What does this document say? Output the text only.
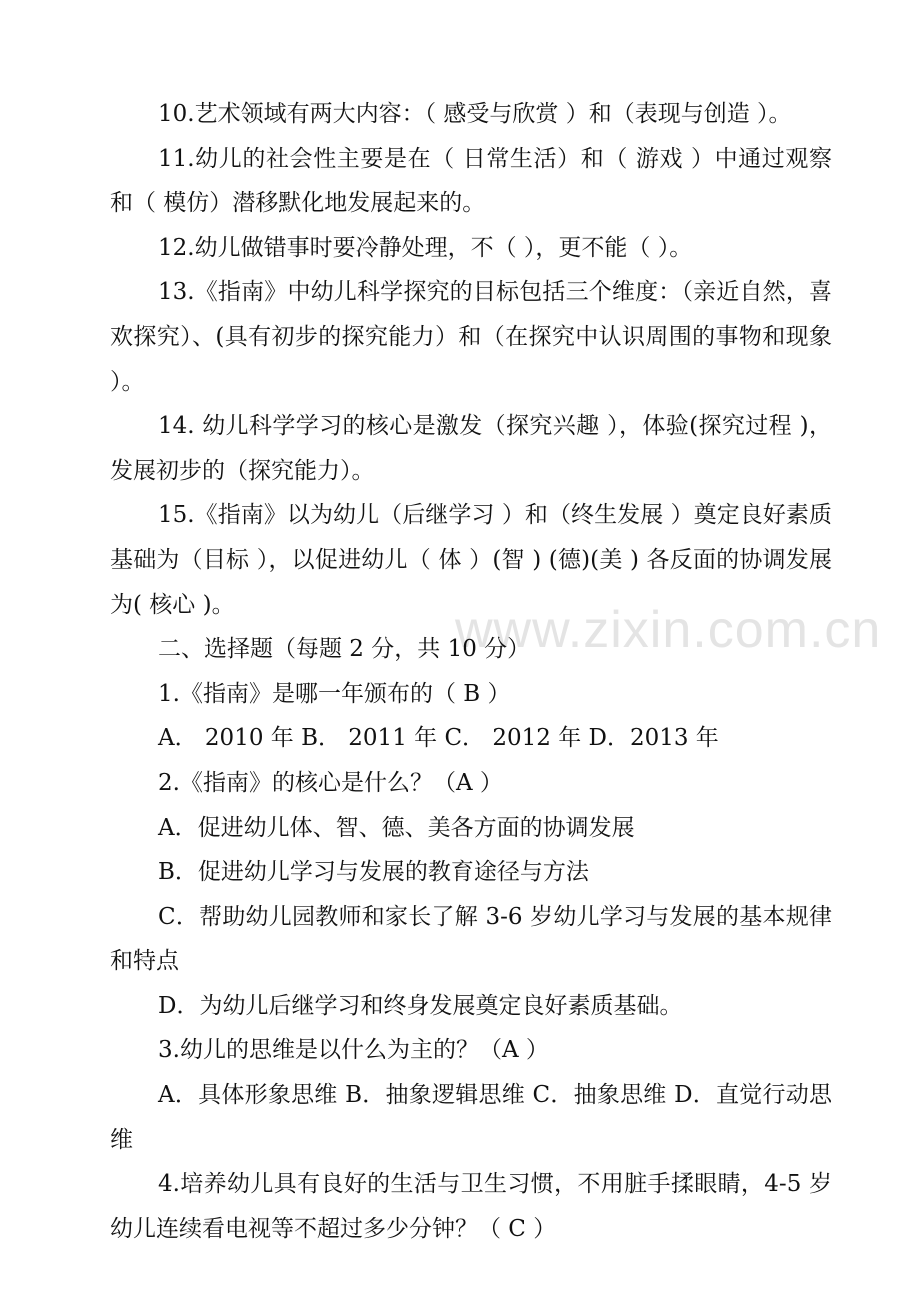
www.zixin.com.cn

10.艺术领域有两大内容：（ 感受与欣赏 ）和（表现与创造 ）。

11.幼儿的社会性主要是在（ 日常生活）和（ 游戏 ）中通过观察和（ 模仿）潜移默化地发展起来的。

12.幼儿做错事时要冷静处理，不（ ），更不能（ ）。

13.《指南》中幼儿科学探究的目标包括三个维度：（亲近自然，喜欢探究）、(具有初步的探究能力）和（在探究中认识周围的事物和现象 ）。

14. 幼儿科学学习的核心是激发（探究兴趣 ），体验(探究过程 )，发展初步的（探究能力）。

15.《指南》以为幼儿（后继学习 ）和（终生发展 ）奠定良好素质基础为（目标 ），以促进幼儿（ 体 ）(智 ) (德)(美 ) 各反面的协调发展为( 核心 )。

二、选择题（每题 2 分，共 10 分）

1.《指南》是哪一年颁布的（ B ）

A． 2010 年 B． 2011 年 C． 2012 年 D．2013 年

2.《指南》的核心是什么？（A ）

A．促进幼儿体、智、德、美各方面的协调发展

B．促进幼儿学习与发展的教育途径与方法

C．帮助幼儿园教师和家长了解 3-6 岁幼儿学习与发展的基本规律和特点

D．为幼儿后继学习和终身发展奠定良好素质基础。

3.幼儿的思维是以什么为主的？（A ）

A．具体形象思维 B．抽象逻辑思维 C．抽象思维 D．直觉行动思维

4.培养幼儿具有良好的生活与卫生习惯，不用脏手揉眼睛，4-5 岁幼儿连续看电视等不超过多少分钟？（ C ）
